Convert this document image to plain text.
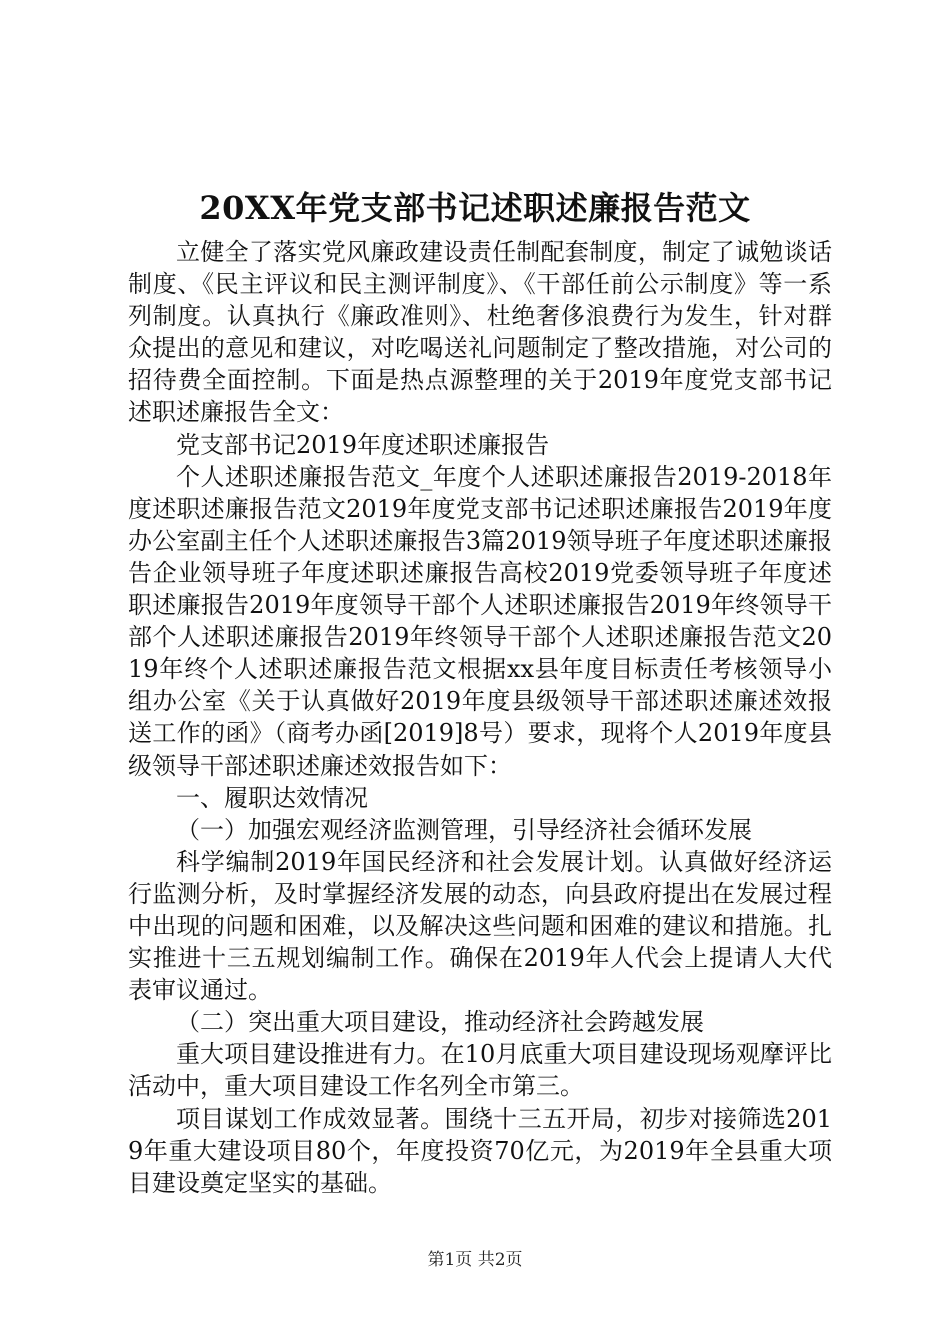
20XX年党支部书记述职述廉报告范文

立健全了落实党风廉政建设责任制配套制度，制定了诚勉谈话制度、《民主评议和民主测评制度》、《干部任前公示制度》等一系列制度。认真执行《廉政准则》、杜绝奢侈浪费行为发生，针对群众提出的意见和建议，对吃喝送礼问题制定了整改措施，对公司的招待费全面控制。下面是热点源整理的关于2019年度党支部书记述职述廉报告全文：

党支部书记2019年度述职述廉报告

个人述职述廉报告范文_年度个人述职述廉报告2019-2018年度述职述廉报告范文2019年度党支部书记述职述廉报告2019年度办公室副主任个人述职述廉报告3篇2019领导班子年度述职述廉报告企业领导班子年度述职述廉报告高校2019党委领导班子年度述职述廉报告2019年度领导干部个人述职述廉报告2019年终领导干部个人述职述廉报告2019年终领导干部个人述职述廉报告范文2019年终个人述职述廉报告范文根据xx县年度目标责任考核领导小组办公室《关于认真做好2019年度县级领导干部述职述廉述效报送工作的函》（商考办函[2019]8号）要求，现将个人2019年度县级领导干部述职述廉述效报告如下：

一、履职达效情况

（一）加强宏观经济监测管理，引导经济社会循环发展

科学编制2019年国民经济和社会发展计划。认真做好经济运行监测分析，及时掌握经济发展的动态，向县政府提出在发展过程中出现的问题和困难，以及解决这些问题和困难的建议和措施。扎实推进十三五规划编制工作。确保在2019年人代会上提请人大代表审议通过。

（二）突出重大项目建设，推动经济社会跨越发展

重大项目建设推进有力。在10月底重大项目建设现场观摩评比活动中，重大项目建设工作名列全市第三。

项目谋划工作成效显著。围绕十三五开局，初步对接筛选2019年重大建设项目80个，年度投资70亿元，为2019年全县重大项目建设奠定坚实的基础。

第1页 共2页
